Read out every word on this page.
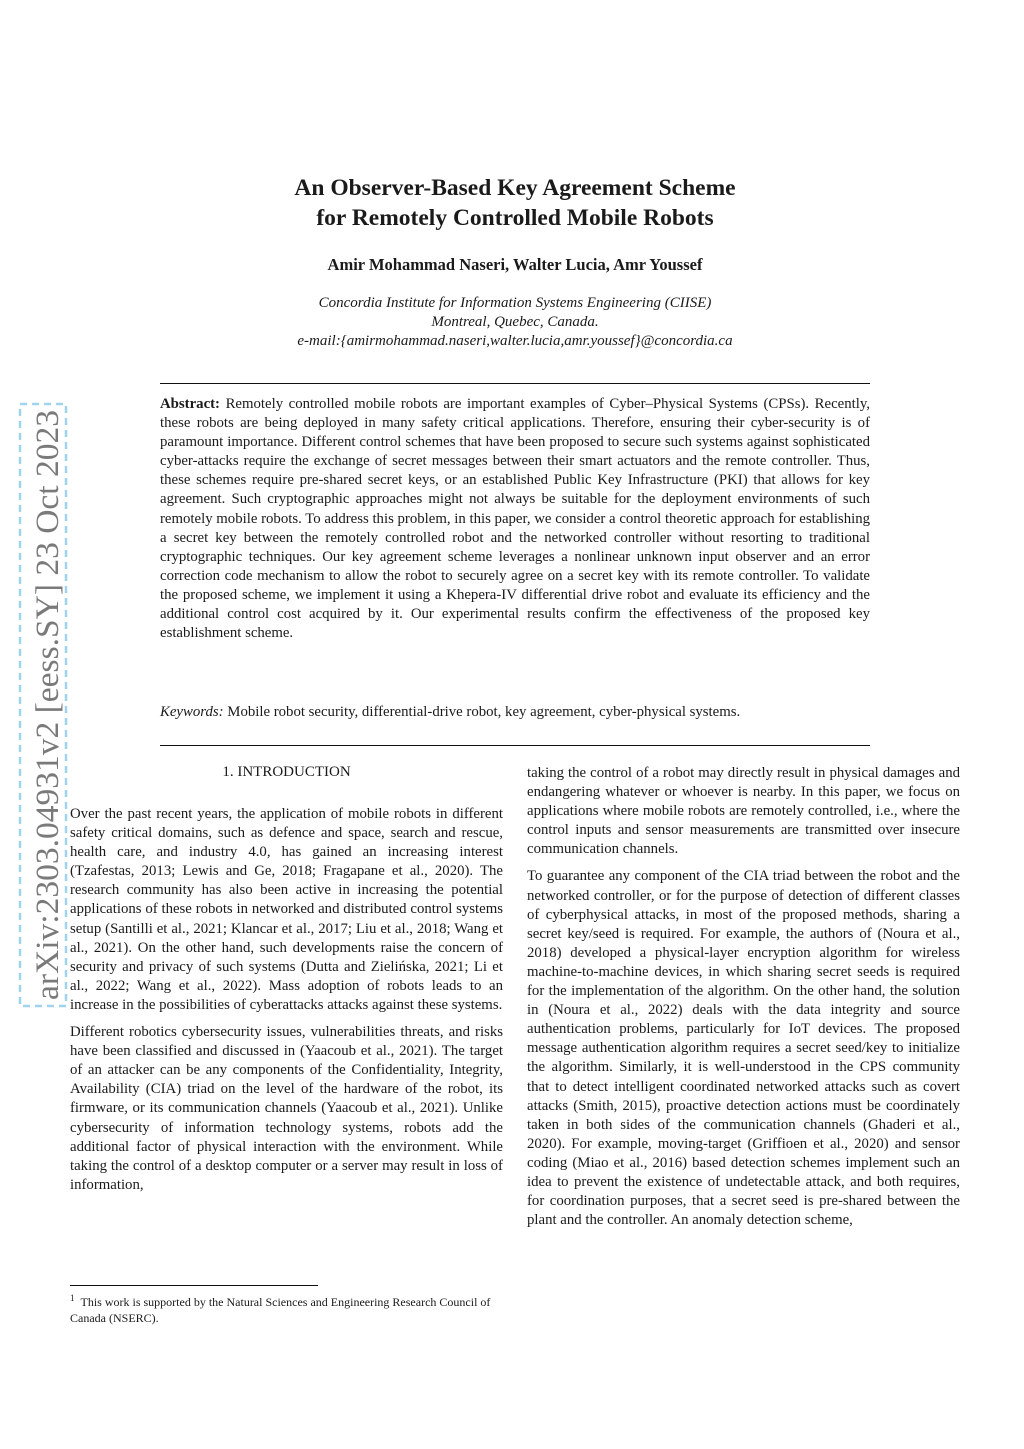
arXiv:2303.04931v2 [eess.SY] 23 Oct 2023
An Observer-Based Key Agreement Scheme
for Remotely Controlled Mobile Robots
Amir Mohammad Naseri, Walter Lucia, Amr Youssef
Concordia Institute for Information Systems Engineering (CIISE)
Montreal, Quebec, Canada.
e-mail:{amirmohammad.naseri,walter.lucia,amr.youssef}@concordia.ca
Abstract: Remotely controlled mobile robots are important examples of Cyber–Physical Systems (CPSs). Recently, these robots are being deployed in many safety critical applications. Therefore, ensuring their cyber-security is of paramount importance. Different control schemes that have been proposed to secure such systems against sophisticated cyber-attacks require the exchange of secret messages between their smart actuators and the remote controller. Thus, these schemes require pre-shared secret keys, or an established Public Key Infrastructure (PKI) that allows for key agreement. Such cryptographic approaches might not always be suitable for the deployment environments of such remotely mobile robots. To address this problem, in this paper, we consider a control theoretic approach for establishing a secret key between the remotely controlled robot and the networked controller without resorting to traditional cryptographic techniques. Our key agreement scheme leverages a nonlinear unknown input observer and an error correction code mechanism to allow the robot to securely agree on a secret key with its remote controller. To validate the proposed scheme, we implement it using a Khepera-IV differential drive robot and evaluate its efficiency and the additional control cost acquired by it. Our experimental results confirm the effectiveness of the proposed key establishment scheme.
Keywords: Mobile robot security, differential-drive robot, key agreement, cyber-physical systems.
1. INTRODUCTION

Over the past recent years, the application of mobile robots in different safety critical domains, such as defence and space, search and rescue, health care, and industry 4.0, has gained an increasing interest (Tzafestas, 2013; Lewis and Ge, 2018; Fragapane et al., 2020). The research community has also been active in increasing the potential applications of these robots in networked and distributed control systems setup (Santilli et al., 2021; Klancar et al., 2017; Liu et al., 2018; Wang et al., 2021). On the other hand, such developments raise the concern of security and privacy of such systems (Dutta and Zielińska, 2021; Li et al., 2022; Wang et al., 2022). Mass adoption of robots leads to an increase in the possibilities of cyberattacks attacks against these systems.

Different robotics cybersecurity issues, vulnerabilities threats, and risks have been classified and discussed in (Yaacoub et al., 2021). The target of an attacker can be any components of the Confidentiality, Integrity, Availability (CIA) triad on the level of the hardware of the robot, its firmware, or its communication channels (Yaacoub et al., 2021). Unlike cybersecurity of information technology systems, robots add the additional factor of physical interaction with the environment. While taking the control of a desktop computer or a server may result in loss of information,

taking the control of a robot may directly result in physical damages and endangering whatever or whoever is nearby. In this paper, we focus on applications where mobile robots are remotely controlled, i.e., where the control inputs and sensor measurements are transmitted over insecure communication channels.

To guarantee any component of the CIA triad between the robot and the networked controller, or for the purpose of detection of different classes of cyberphysical attacks, in most of the proposed methods, sharing a secret key/seed is required. For example, the authors of (Noura et al., 2018) developed a physical-layer encryption algorithm for wireless machine-to-machine devices, in which sharing secret seeds is required for the implementation of the algorithm. On the other hand, the solution in (Noura et al., 2022) deals with the data integrity and source authentication problems, particularly for IoT devices. The proposed message authentication algorithm requires a secret seed/key to initialize the algorithm. Similarly, it is well-understood in the CPS community that to detect intelligent coordinated networked attacks such as covert attacks (Smith, 2015), proactive detection actions must be coordinately taken in both sides of the communication channels (Ghaderi et al., 2020). For example, moving-target (Griffioen et al., 2020) and sensor coding (Miao et al., 2016) based detection schemes implement such an idea to prevent the existence of undetectable attack, and both requires, for coordination purposes, that a secret seed is pre-shared between the plant and the controller. An anomaly detection scheme,

$^1$ This work is supported by the Natural Sciences and Engineering Research Council of Canada (NSERC).
